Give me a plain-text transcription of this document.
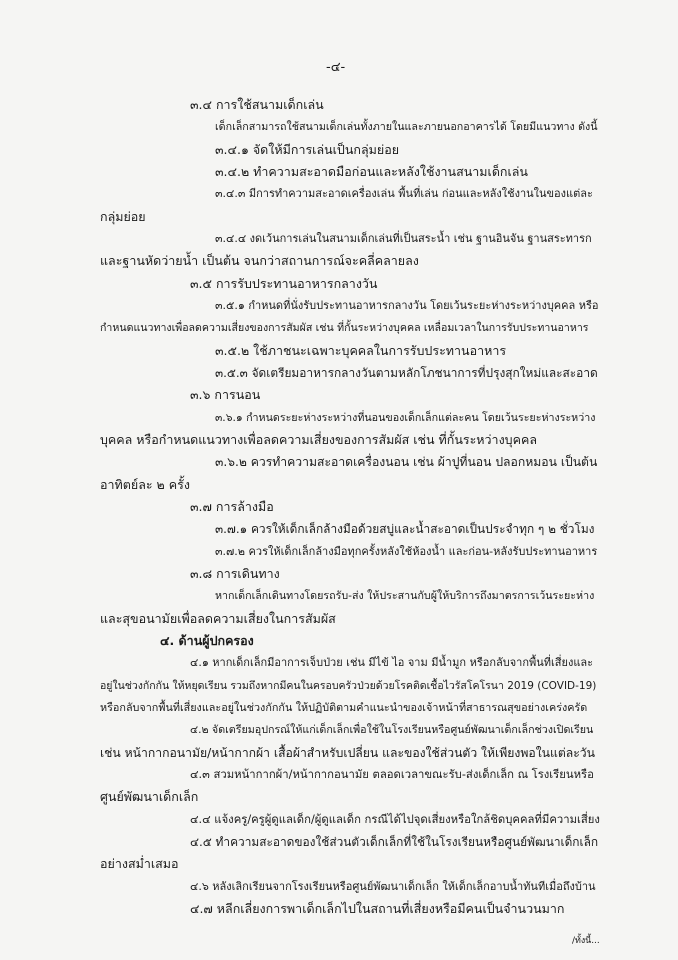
-๔-
๓.๔ การใช้สนามเด็กเล่น
เด็กเล็กสามารถใช้สนามเด็กเล่นทั้งภายในและภายนอกอาคารได้ โดยมีแนวทาง ดังนี้
๓.๔.๑ จัดให้มีการเล่นเป็นกลุ่มย่อย
๓.๔.๒ ทำความสะอาดมือก่อนและหลังใช้งานสนามเด็กเล่น
๓.๔.๓ มีการทำความสะอาดเครื่องเล่น พื้นที่เล่น ก่อนและหลังใช้งานในของแต่ละ
กลุ่มย่อย
๓.๔.๔ งดเว้นการเล่นในสนามเด็กเล่นที่เป็นสระน้ำ เช่น ฐานอินจัน ฐานสระทารก
และฐานหัดว่ายน้ำ เป็นต้น จนกว่าสถานการณ์จะคลี่คลายลง
๓.๕ การรับประทานอาหารกลางวัน
๓.๕.๑ กำหนดที่นั่งรับประทานอาหารกลางวัน โดยเว้นระยะห่างระหว่างบุคคล หรือ
กำหนดแนวทางเพื่อลดความเสี่ยงของการสัมผัส เช่น ที่กั้นระหว่างบุคคล เหลื่อมเวลาในการรับประทานอาหาร
๓.๕.๒ ใช้ภาชนะเฉพาะบุคคลในการรับประทานอาหาร
๓.๕.๓ จัดเตรียมอาหารกลางวันตามหลักโภชนาการที่ปรุงสุกใหม่และสะอาด
๓.๖ การนอน
๓.๖.๑ กำหนดระยะห่างระหว่างที่นอนของเด็กเล็กแต่ละคน โดยเว้นระยะห่างระหว่าง
บุคคล หรือกำหนดแนวทางเพื่อลดความเสี่ยงของการสัมผัส เช่น ที่กั้นระหว่างบุคคล
๓.๖.๒ ควรทำความสะอาดเครื่องนอน เช่น ผ้าปูที่นอน ปลอกหมอน เป็นต้น
อาทิตย์ละ ๒ ครั้ง
๓.๗ การล้างมือ
๓.๗.๑ ควรให้เด็กเล็กล้างมือด้วยสบู่และน้ำสะอาดเป็นประจำทุก ๆ ๒ ชั่วโมง
๓.๗.๒ ควรให้เด็กเล็กล้างมือทุกครั้งหลังใช้ห้องน้ำ และก่อน-หลังรับประทานอาหาร
๓.๘ การเดินทาง
หากเด็กเล็กเดินทางโดยรถรับ-ส่ง ให้ประสานกับผู้ให้บริการถึงมาตรการเว้นระยะห่าง
และสุขอนามัยเพื่อลดความเสี่ยงในการสัมผัส
๔. ด้านผู้ปกครอง
๔.๑ หากเด็กเล็กมีอาการเจ็บป่วย เช่น มีไข้ ไอ จาม มีน้ำมูก หรือกลับจากพื้นที่เสี่ยงและ
อยู่ในช่วงกักกัน ให้หยุดเรียน รวมถึงหากมีคนในครอบครัวป่วยด้วยโรคติดเชื้อไวรัสโคโรนา 2019 (COVID-19)
หรือกลับจากพื้นที่เสี่ยงและอยู่ในช่วงกักกัน ให้ปฏิบัติตามคำแนะนำของเจ้าหน้าที่สาธารณสุขอย่างเคร่งครัด
๔.๒ จัดเตรียมอุปกรณ์ให้แก่เด็กเล็กเพื่อใช้ในโรงเรียนหรือศูนย์พัฒนาเด็กเล็กช่วงเปิดเรียน
เช่น หน้ากากอนามัย/หน้ากากผ้า เสื้อผ้าสำหรับเปลี่ยน และของใช้ส่วนตัว ให้เพียงพอในแต่ละวัน
๔.๓ สวมหน้ากากผ้า/หน้ากากอนามัย ตลอดเวลาขณะรับ-ส่งเด็กเล็ก ณ โรงเรียนหรือ
ศูนย์พัฒนาเด็กเล็ก
๔.๔ แจ้งครู/ครูผู้ดูแลเด็ก/ผู้ดูแลเด็ก กรณีได้ไปจุดเสี่ยงหรือใกล้ชิดบุคคลที่มีความเสี่ยง
๔.๕ ทำความสะอาดของใช้ส่วนตัวเด็กเล็กที่ใช้ในโรงเรียนหรือศูนย์พัฒนาเด็กเล็ก
อย่างสม่ำเสมอ
๔.๖ หลังเลิกเรียนจากโรงเรียนหรือศูนย์พัฒนาเด็กเล็ก ให้เด็กเล็กอาบน้ำทันทีเมื่อถึงบ้าน
๔.๗ หลีกเลี่ยงการพาเด็กเล็กไปในสถานที่เสี่ยงหรือมีคนเป็นจำนวนมาก
/ทั้งนี้...
